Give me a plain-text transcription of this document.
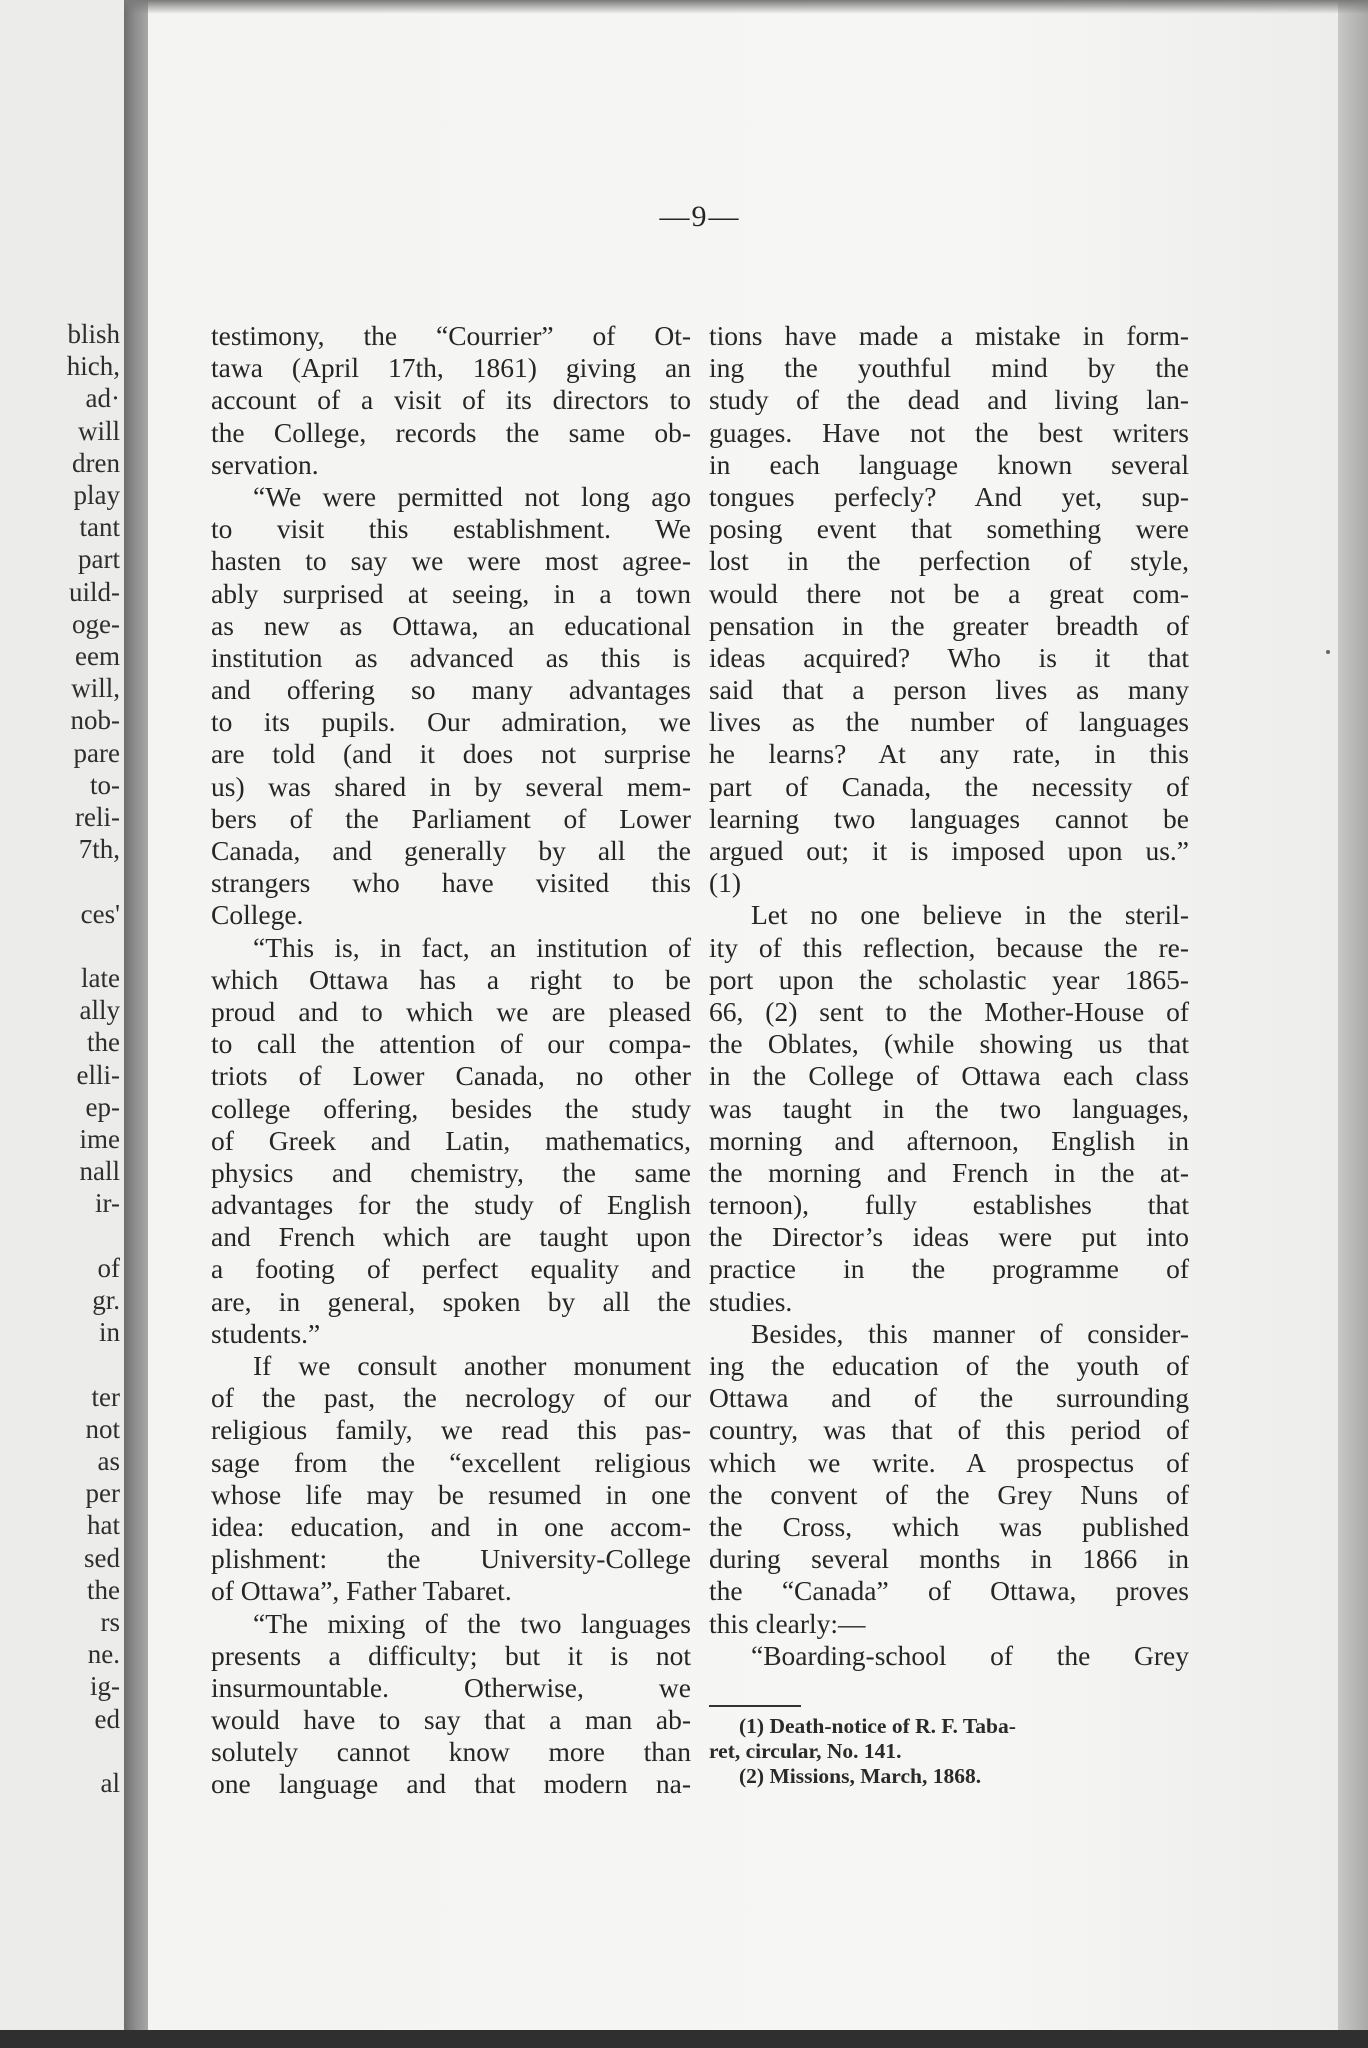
blish
hich,
ad·
will
dren
play
tant
part
uild-
oge-
eem
will,
nob-
pare
to-
reli-
7th,
ces'
late
ally
the
elli-
ep-
ime
nall
ir-
of
gr.
in
ter
not
as
per
hat
sed
the
rs
ne.
ig-
ed
al
—9—
testimony, the “Courrier” of Ot-
tawa (April 17th, 1861) giving an
account of a visit of its directors to
the College, records the same ob-
servation.
“We were permitted not long ago
to visit this establishment. We
hasten to say we were most agree-
ably surprised at seeing, in a town
as new as Ottawa, an educational
institution as advanced as this is
and offering so many advantages
to its pupils. Our admiration, we
are told (and it does not surprise
us) was shared in by several mem-
bers of the Parliament of Lower
Canada, and generally by all the
strangers who have visited this
College.
“This is, in fact, an institution of
which Ottawa has a right to be
proud and to which we are pleased
to call the attention of our compa-
triots of Lower Canada, no other
college offering, besides the study
of Greek and Latin, mathematics,
physics and chemistry, the same
advantages for the study of English
and French which are taught upon
a footing of perfect equality and
are, in general, spoken by all the
students.”
If we consult another monument
of the past, the necrology of our
religious family, we read this pas-
sage from the “excellent religious
whose life may be resumed in one
idea: education, and in one accom-
plishment: the University-College
of Ottawa”, Father Tabaret.
“The mixing of the two languages
presents a difficulty; but it is not
insurmountable. Otherwise, we
would have to say that a man ab-
solutely cannot know more than
one language and that modern na-
tions have made a mistake in form-
ing the youthful mind by the
study of the dead and living lan-
guages. Have not the best writers
in each language known several
tongues perfecly? And yet, sup-
posing event that something were
lost in the perfection of style,
would there not be a great com-
pensation in the greater breadth of
ideas acquired? Who is it that
said that a person lives as many
lives as the number of languages
he learns? At any rate, in this
part of Canada, the necessity of
learning two languages cannot be
argued out; it is imposed upon us.”
(1)
Let no one believe in the steril-
ity of this reflection, because the re-
port upon the scholastic year 1865-
66, (2) sent to the Mother-House of
the Oblates, (while showing us that
in the College of Ottawa each class
was taught in the two languages,
morning and afternoon, English in
the morning and French in the at-
ternoon), fully establishes that
the Director’s ideas were put into
practice in the programme of
studies.
Besides, this manner of consider-
ing the education of the youth of
Ottawa and of the surrounding
country, was that of this period of
which we write. A prospectus of
the convent of the Grey Nuns of
the Cross, which was published
during several months in 1866 in
the “Canada” of Ottawa, proves
this clearly:—
“Boarding-school of the Grey
(1) Death-notice of R. F. Taba-
ret, circular, No. 141.
(2) Missions, March, 1868.
